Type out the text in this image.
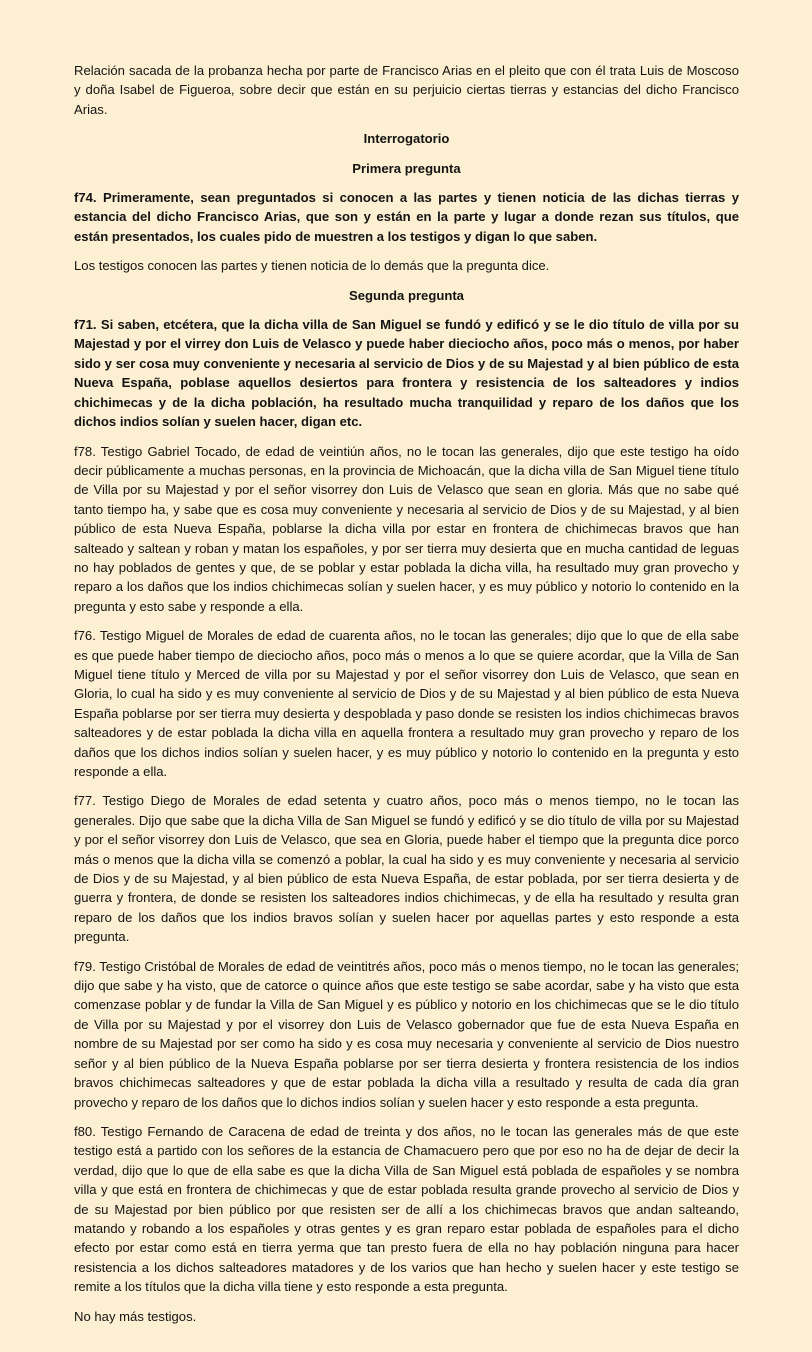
Relación sacada de la probanza hecha por parte de Francisco Arias en el pleito que con él trata Luis de Moscoso y doña Isabel de Figueroa, sobre decir que están en su perjuicio ciertas tierras y estancias del dicho Francisco Arias.

Interrogatorio

Primera pregunta

f74. Primeramente, sean preguntados si conocen a las partes y tienen noticia de las dichas tierras y estancia del dicho Francisco Arias, que son y están en la parte y lugar a donde rezan sus títulos, que están presentados, los cuales pido de muestren a los testigos y digan lo que saben.

Los testigos conocen las partes y tienen noticia de lo demás que la pregunta dice.

Segunda pregunta

f71. Si saben, etcétera, que la dicha villa de San Miguel se fundó y edificó y se le dio título de villa por su Majestad y por el virrey don Luis de Velasco y puede haber dieciocho años, poco más o menos, por haber sido y ser cosa muy conveniente y necesaria al servicio de Dios y de su Majestad y al bien público de esta Nueva España, poblase aquellos desiertos para frontera y resistencia de los salteadores y indios chichimecas y de la dicha población, ha resultado mucha tranquilidad y reparo de los daños que los dichos indios solían y suelen hacer, digan etc.

f78. Testigo Gabriel Tocado, de edad de veintiún años, no le tocan las generales, dijo que este testigo ha oído decir públicamente a muchas personas, en la provincia de Michoacán, que la dicha villa de San Miguel tiene título de Villa por su Majestad y por el señor visorrey don Luis de Velasco que sean en gloria. Más que no sabe qué tanto tiempo ha, y sabe que es cosa muy conveniente y necesaria al servicio de Dios y de su Majestad, y al bien público de esta Nueva España, poblarse la dicha villa por estar en frontera de chichimecas bravos que han salteado y saltean y roban y matan los españoles, y por ser tierra muy desierta que en mucha cantidad de leguas no hay poblados de gentes y que, de se poblar y estar poblada la dicha villa, ha resultado muy gran provecho y reparo a los daños que los indios chichimecas solían y suelen hacer, y es muy público y notorio lo contenido en la pregunta y esto sabe y responde a ella.

f76. Testigo Miguel de Morales de edad de cuarenta años, no le tocan las generales; dijo que lo que de ella sabe es que puede haber tiempo de dieciocho años, poco más o menos a lo que se quiere acordar, que la Villa de San Miguel tiene título y Merced de villa por su Majestad y por el señor visorrey don Luis de Velasco, que sean en Gloria, lo cual ha sido y es muy conveniente al servicio de Dios y de su Majestad y al bien público de esta Nueva España poblarse por ser tierra muy desierta y despoblada y paso donde se resisten los indios chichimecas bravos salteadores y de estar poblada la dicha villa en aquella frontera a resultado muy gran provecho y reparo de los daños que los dichos indios solían y suelen hacer, y es muy público y notorio lo contenido en la pregunta y esto responde a ella.

f77. Testigo Diego de Morales de edad setenta y cuatro años, poco más o menos tiempo, no le tocan las generales. Dijo que sabe que la dicha Villa de San Miguel se fundó y edificó y se dio título de villa por su Majestad y por el señor visorrey don Luis de Velasco, que sea en Gloria, puede haber el tiempo que la pregunta dice porco más o menos que la dicha villa se comenzó a poblar, la cual ha sido y es muy conveniente y necesaria al servicio de Dios y de su Majestad, y al bien público de esta Nueva España, de estar poblada, por ser tierra desierta y de guerra y frontera, de donde se resisten los salteadores indios chichimecas, y de ella ha resultado y resulta gran reparo de los daños que los indios bravos solían y suelen hacer por aquellas partes y esto responde a esta pregunta.

f79. Testigo Cristóbal de Morales de edad de veintitrés años, poco más o menos tiempo, no le tocan las generales; dijo que sabe y ha visto, que de catorce o quince años que este testigo se sabe acordar, sabe y ha visto que esta comenzase poblar y de fundar la Villa de San Miguel y es público y notorio en los chichimecas que se le dio título de Villa por su Majestad y por el visorrey don Luis de Velasco gobernador que fue de esta Nueva España en nombre de su Majestad por ser como ha sido y es cosa muy necesaria y conveniente al servicio de Dios nuestro señor y al bien público de la Nueva España poblarse por ser tierra desierta y frontera resistencia de los indios bravos chichimecas salteadores y que de estar poblada la dicha villa a resultado y resulta de cada día gran provecho y reparo de los daños que lo dichos indios solían y suelen hacer y esto responde a esta pregunta.

f80. Testigo Fernando de Caracena de edad de treinta y dos años, no le tocan las generales más de que este testigo está a partido con los señores de la estancia de Chamacuero pero que por eso no ha de dejar de decir la verdad, dijo que lo que de ella sabe es que la dicha Villa de San Miguel está poblada de españoles y se nombra villa y que está en frontera de chichimecas y que de estar poblada resulta grande provecho al servicio de Dios y de su Majestad por bien público por que resisten ser de allí a los chichimecas bravos que andan salteando, matando y robando a los españoles y otras gentes y es gran reparo estar poblada de españoles para el dicho efecto por estar como está en tierra yerma que tan presto fuera de ella no hay población ninguna para hacer resistencia a los dichos salteadores matadores y de los varios que han hecho y suelen hacer y este testigo se remite a los títulos que la dicha villa tiene y esto responde a esta pregunta.

No hay más testigos.
